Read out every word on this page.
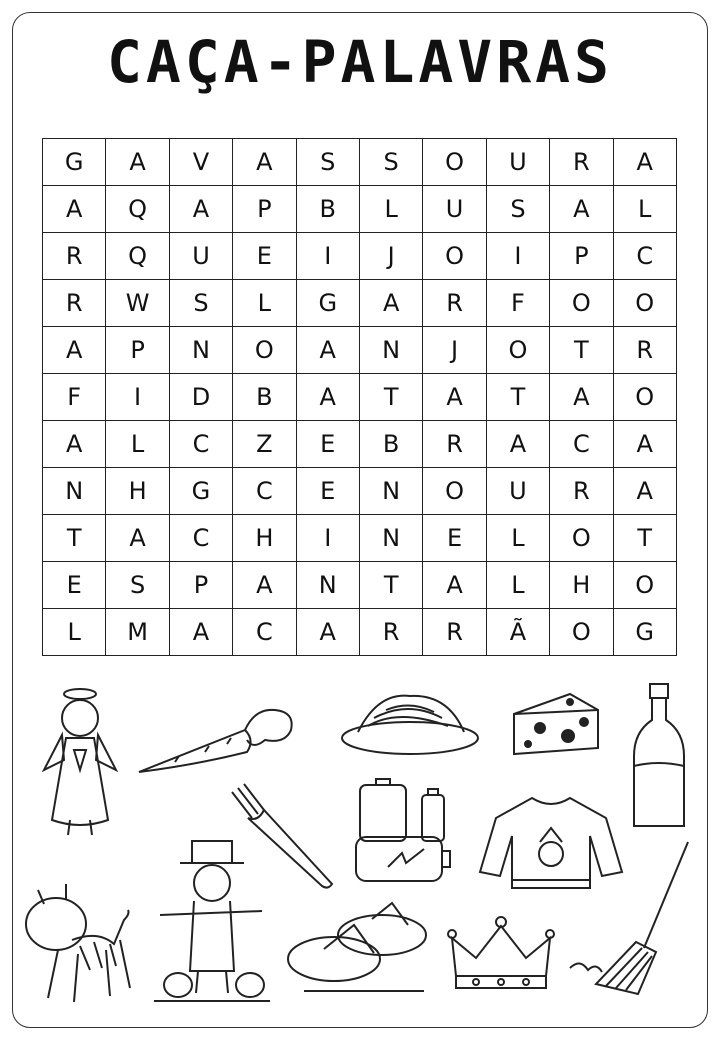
CAÇA-PALAVRAS
G	A	V	A	S	S	O	U	R	A
A	Q	A	P	B	L	U	S	A	L
R	Q	U	E	I	J	O	I	P	C
R	W	S	L	G	A	R	F	O	O
A	P	N	O	A	N	J	O	T	R
F	I	D	B	A	T	A	T	A	O
A	L	C	Z	E	B	R	A	C	A
N	H	G	C	E	N	O	U	R	A
T	A	C	H	I	N	E	L	O	T
E	S	P	A	N	T	A	L	H	O
L	M	A	C	A	R	R	Ã	O	G
